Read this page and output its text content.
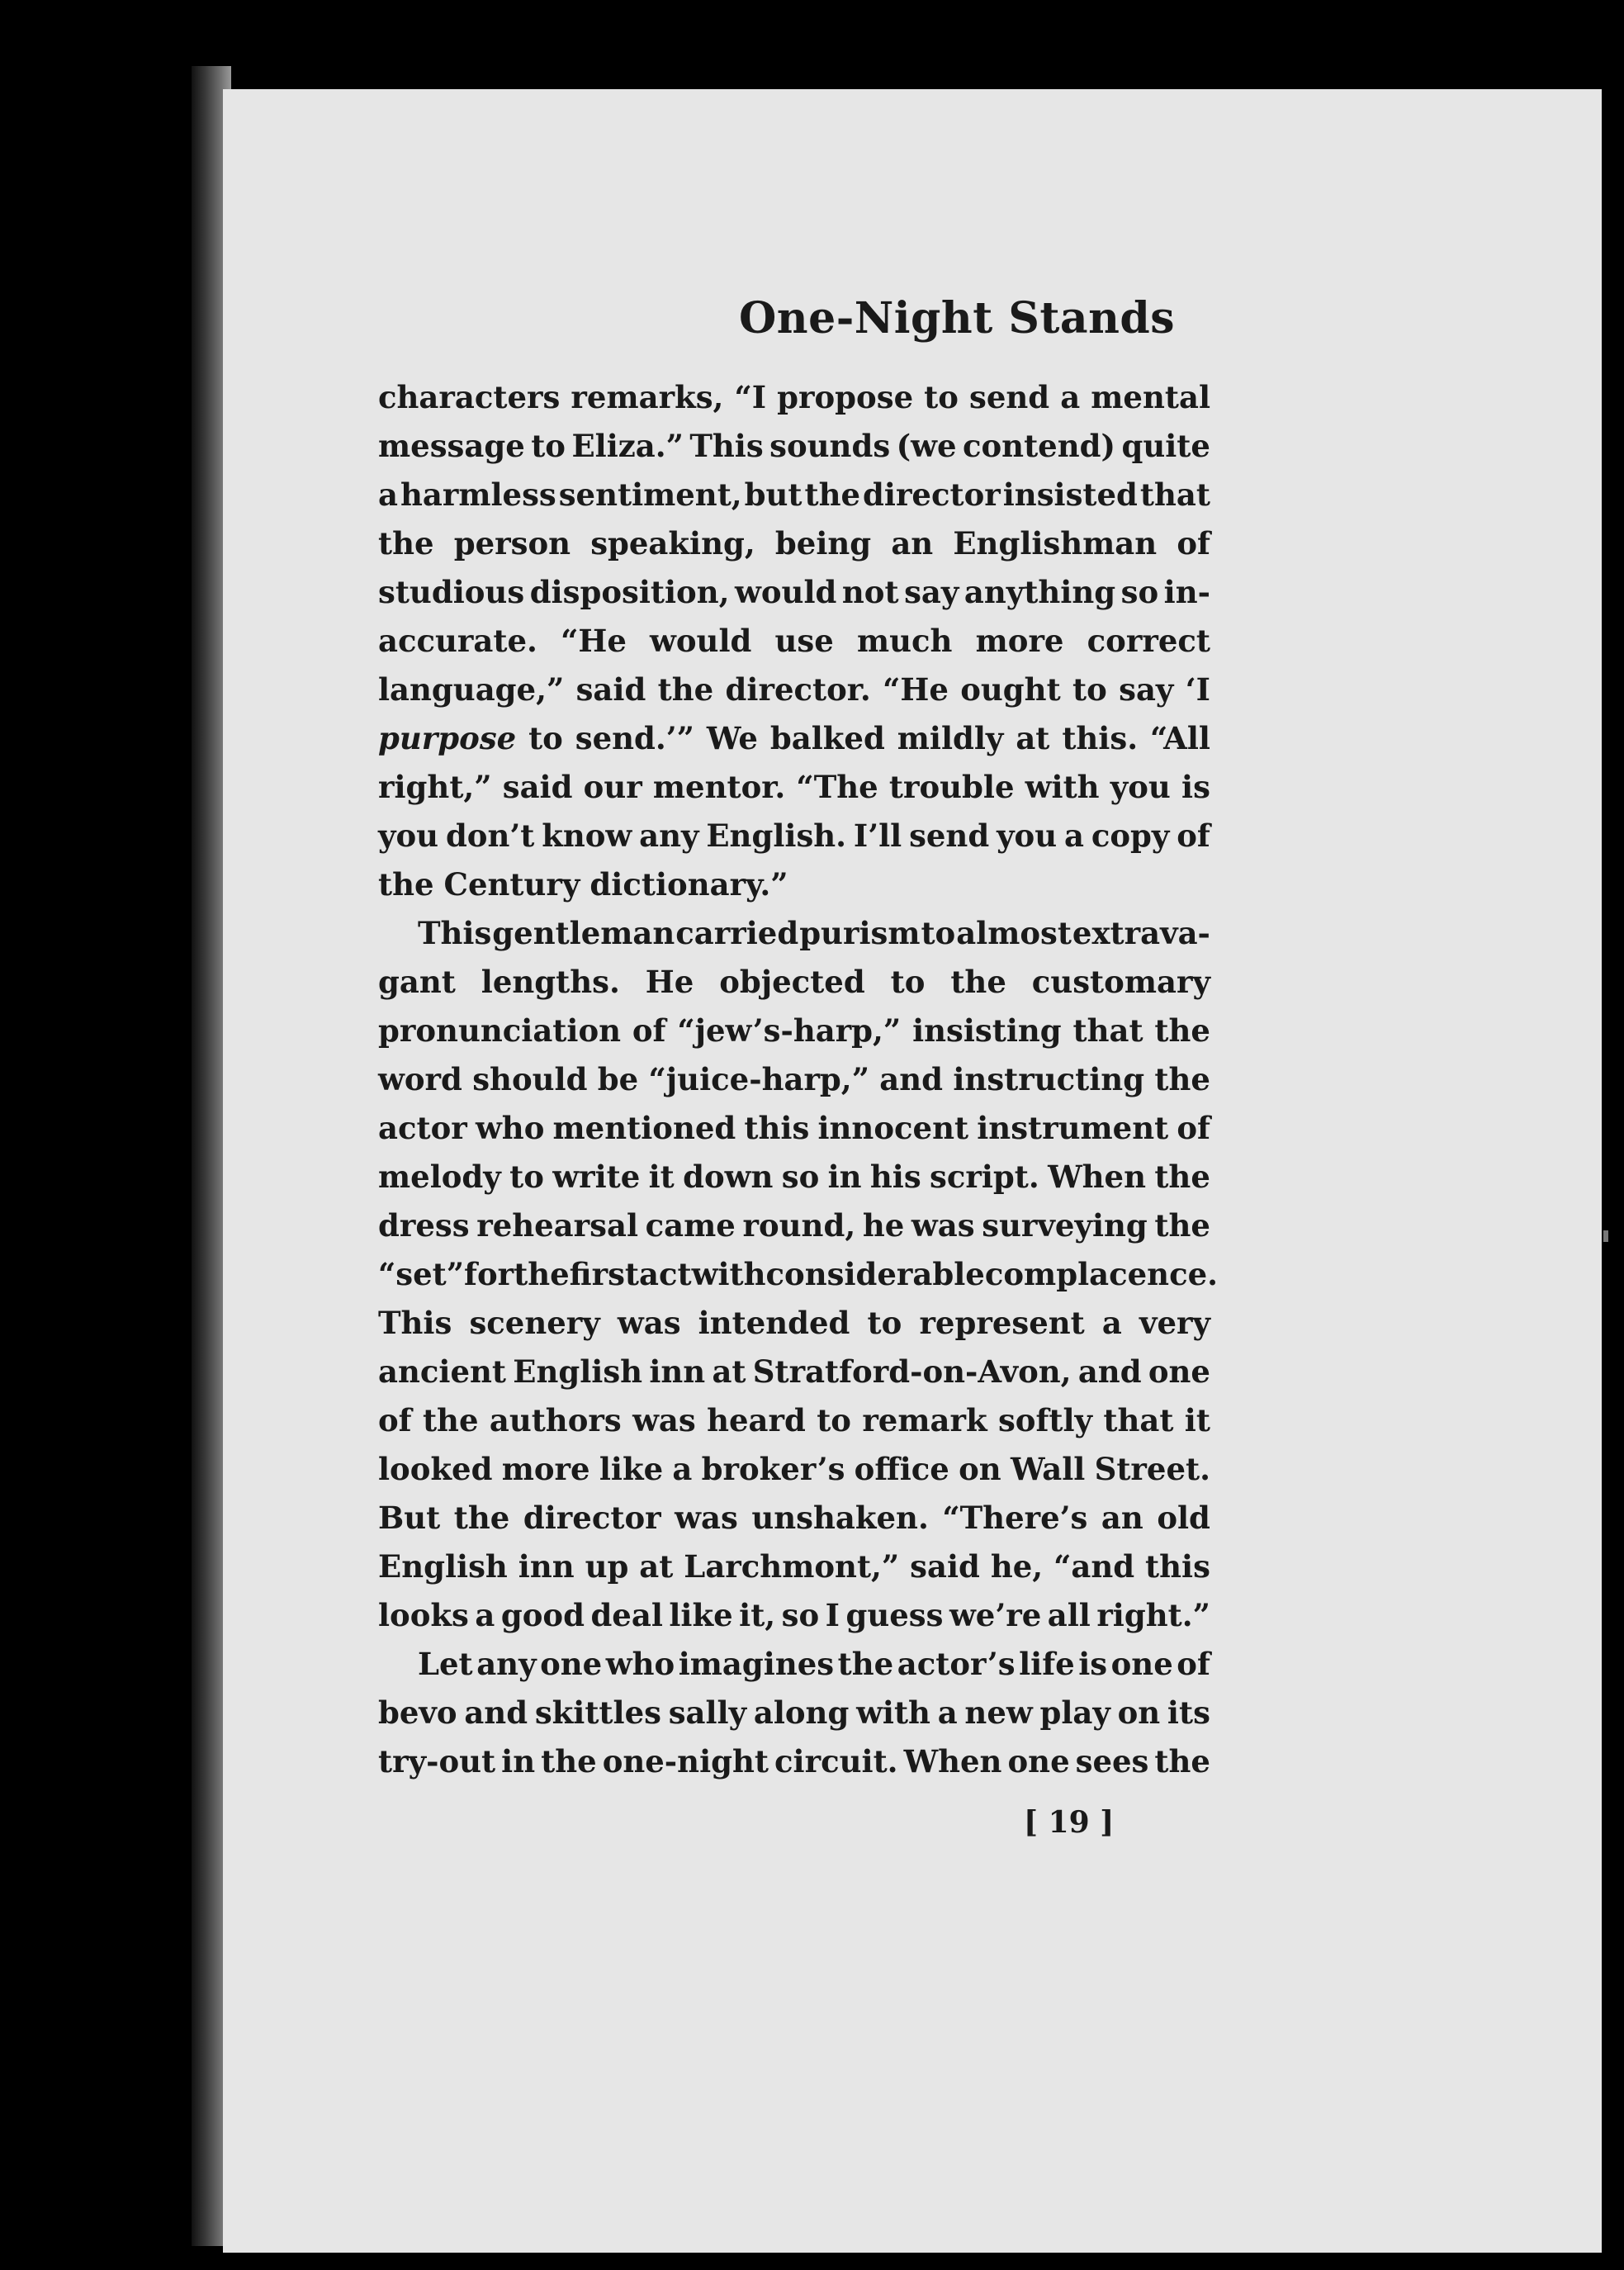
One-Night Stands
characters remarks, “I propose to send a mental
message to Eliza.” This sounds (we contend) quite
a harmless sentiment, but the director insisted that
the person speaking, being an Englishman of
studious disposition, would not say anything so in-
accurate. “He would use much more correct
language,” said the director. “He ought to say ‘I
purpose to send.’” We balked mildly at this. “All
right,” said our mentor. “The trouble with you is
you don’t know any English. I’ll send you a copy of
the Century dictionary.”
This gentleman carried purism to almost extrava-
gant lengths. He objected to the customary
pronunciation of “jew’s-harp,” insisting that the
word should be “juice-harp,” and instructing the
actor who mentioned this innocent instrument of
melody to write it down so in his script. When the
dress rehearsal came round, he was surveying the
“set” for the first act with considerable complacence.
This scenery was intended to represent a very
ancient English inn at Stratford-on-Avon, and one
of the authors was heard to remark softly that it
looked more like a broker’s office on Wall Street.
But the director was unshaken. “There’s an old
English inn up at Larchmont,” said he, “and this
looks a good deal like it, so I guess we’re all right.”
Let any one who imagines the actor’s life is one of
bevo and skittles sally along with a new play on its
try-out in the one-night circuit. When one sees the
[ 19 ]
